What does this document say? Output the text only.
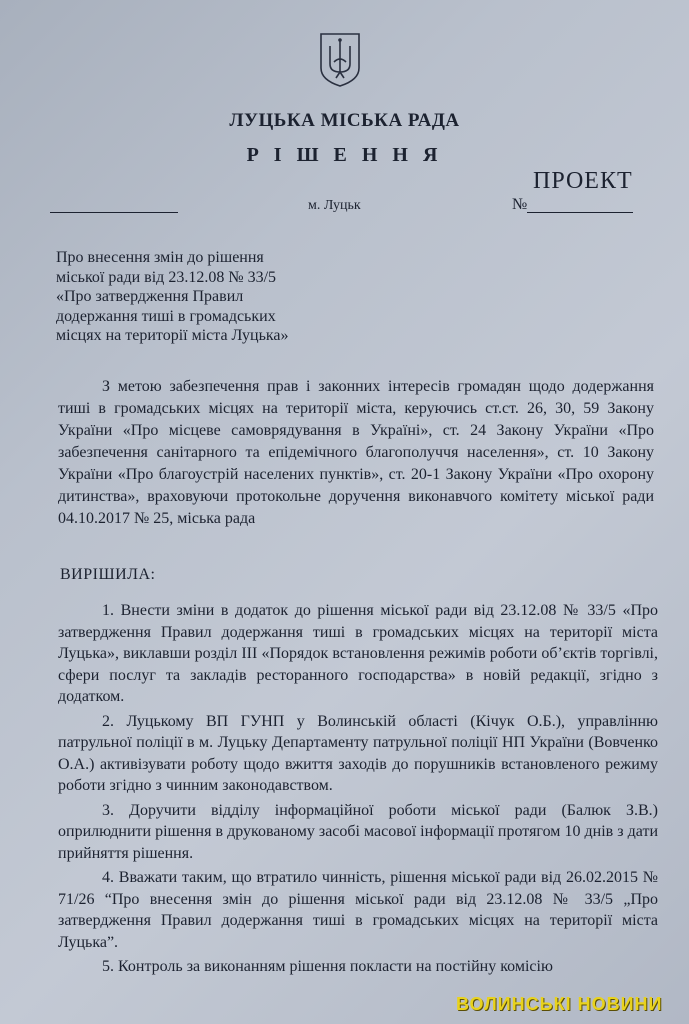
ЛУЦЬКА МІСЬКА РАДА
Р І Ш Е Н Н Я
ПРОЕКТ
м. Луцьк	№
Про внесення змін до рішення
міської ради від 23.12.08 № 33/5
«Про затвердження Правил
додержання тиші в громадських
місцях на території міста Луцька»
З метою забезпечення прав і законних інтересів громадян щодо додержання тиші в громадських місцях на території міста, керуючись ст.ст. 26, 30, 59 Закону України «Про місцеве самоврядування в Україні», ст. 24 Закону України «Про забезпечення санітарного та епідемічного благополуччя населення», ст. 10 Закону України «Про благоустрій населених пунктів», ст. 20-1 Закону України «Про охорону дитинства», враховуючи протокольне доручення виконавчого комітету міської ради 04.10.2017 № 25, міська рада
ВИРІШИЛА:

1. Внести зміни в додаток до рішення міської ради від 23.12.08 № 33/5 «Про затвердження Правил додержання тиші в громадських місцях на території міста Луцька», виклавши розділ ІІІ «Порядок встановлення режимів роботи об’єктів торгівлі, сфери послуг та закладів ресторанного господарства» в новій редакції, згідно з додатком.

2. Луцькому ВП ГУНП у Волинській області (Кічук О.Б.), управлінню патрульної поліції в м. Луцьку Департаменту патрульної поліції НП України (Вовченко О.А.) активізувати роботу щодо вжиття заходів до порушників встановленого режиму роботи згідно з чинним законодавством.

3. Доручити відділу інформаційної роботи міської ради (Балюк З.В.) оприлюднити рішення в друкованому засобі масової інформації протягом 10 днів з дати прийняття рішення.

4. Вважати таким, що втратило чинність, рішення міської ради від 26.02.2015 № 71/26 “Про внесення змін до рішення міської ради від 23.12.08 № 33/5 „Про затвердження Правил додержання тиші в громадських місцях на території міста Луцька”.

5. Контроль за виконанням рішення покласти на постійну комісію

ВОЛИНСЬКІ НОВИНИ
